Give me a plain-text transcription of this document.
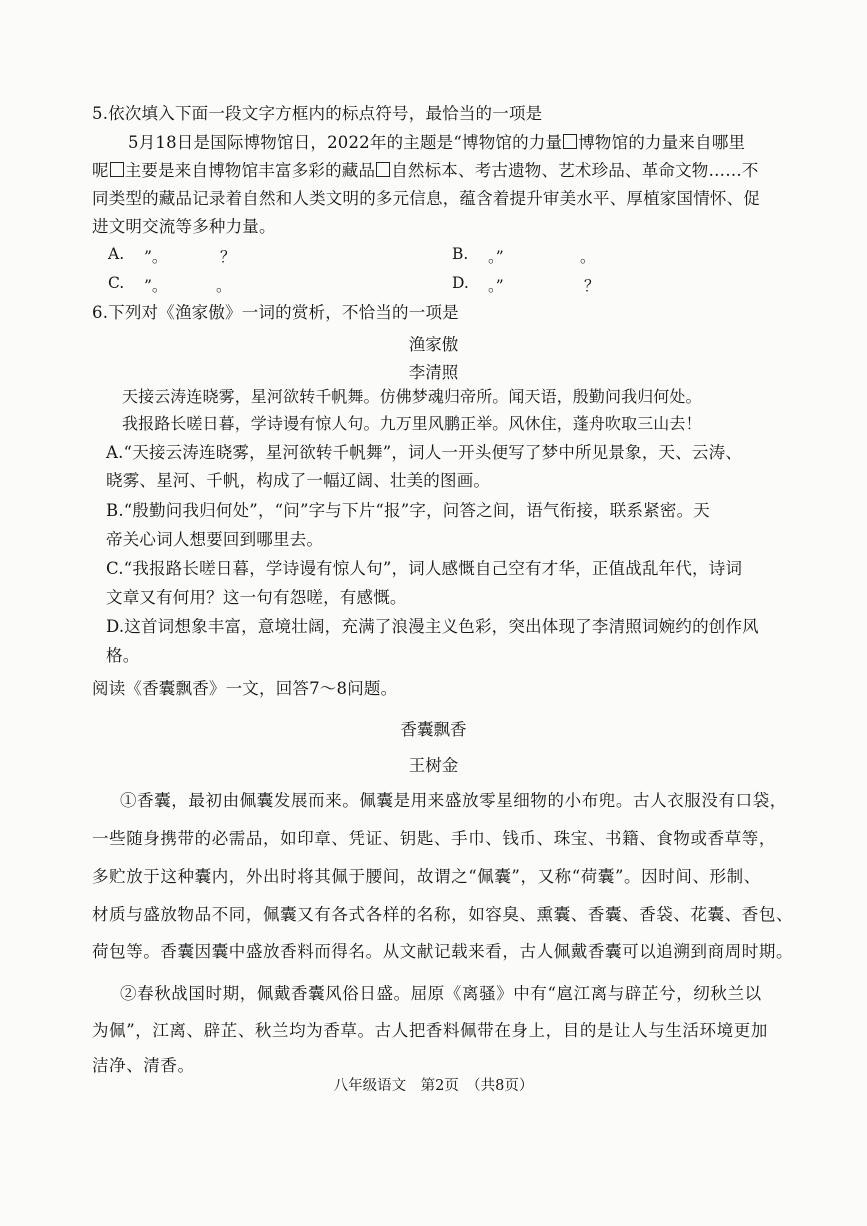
5.依次填入下面一段文字方框内的标点符号，最恰当的一项是
5月18日是国际博物馆日，2022年的主题是“博物馆的力量 博物馆的力量来自哪里
呢 主要是来自博物馆丰富多彩的藏品 自然标本、考古遗物、艺术珍品、革命文物……不
同类型的藏品记录着自然和人类文明的多元信息，蕴含着提升审美水平、厚植家国情怀、促
进文明交流等多种力量。
A. ”。	？	B. 。”	。
C. ”。	。	D. 。”	？
6.下列对《渔家傲》一词的赏析，不恰当的一项是
渔家傲
李清照
天接云涛连晓雾，星河欲转千帆舞。仿佛梦魂归帝所。闻天语，殷勤问我归何处。
我报路长嗟日暮，学诗谩有惊人句。九万里风鹏正举。风休住，蓬舟吹取三山去！
A.“天接云涛连晓雾，星河欲转千帆舞”，词人一开头便写了梦中所见景象，天、云涛、
晓雾、星河、千帆，构成了一幅辽阔、壮美的图画。
B.“殷勤问我归何处”，“问”字与下片“报”字，问答之间，语气衔接，联系紧密。天
帝关心词人想要回到哪里去。
C.“我报路长嗟日暮，学诗谩有惊人句”，词人感慨自己空有才华，正值战乱年代，诗词
文章又有何用？这一句有怨嗟，有感慨。
D.这首词想象丰富，意境壮阔，充满了浪漫主义色彩，突出体现了李清照词婉约的创作风
格。
阅读《香囊飘香》一文，回答7～8问题。
香囊飘香
王树金
①香囊，最初由佩囊发展而来。佩囊是用来盛放零星细物的小布兜。古人衣服没有口袋，
一些随身携带的必需品，如印章、凭证、钥匙、手巾、钱币、珠宝、书籍、食物或香草等，
多贮放于这种囊内，外出时将其佩于腰间，故谓之“佩囊”，又称“荷囊”。因时间、形制、
材质与盛放物品不同，佩囊又有各式各样的名称，如容臭、熏囊、香囊、香袋、花囊、香包、
荷包等。香囊因囊中盛放香料而得名。从文献记载来看，古人佩戴香囊可以追溯到商周时期。
②春秋战国时期，佩戴香囊风俗日盛。屈原《离骚》中有“扈江离与辟芷兮，纫秋兰以
为佩”，江离、辟芷、秋兰均为香草。古人把香料佩带在身上，目的是让人与生活环境更加
洁净、清香。
八年级语文　第2页　（共8页）
